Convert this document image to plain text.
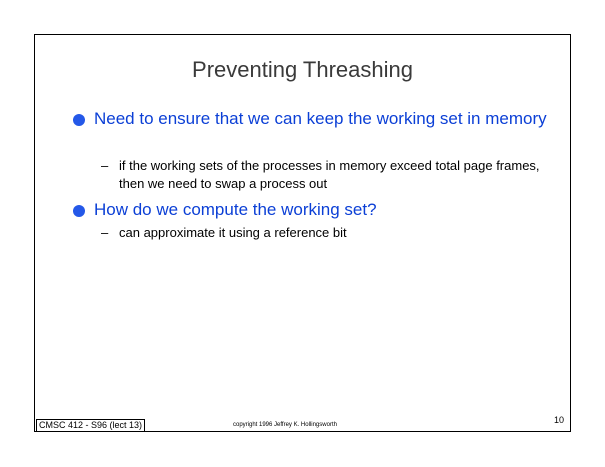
Preventing Threashing
Need to ensure that we can keep the working set in memory
– if the working sets of the processes in memory exceed total page frames, then we need to swap a process out
How do we compute the working set?
– can approximate it using a reference bit
CMSC 412 - S96 (lect 13)	copyright 1996 Jeffrey K. Hollingsworth	10
